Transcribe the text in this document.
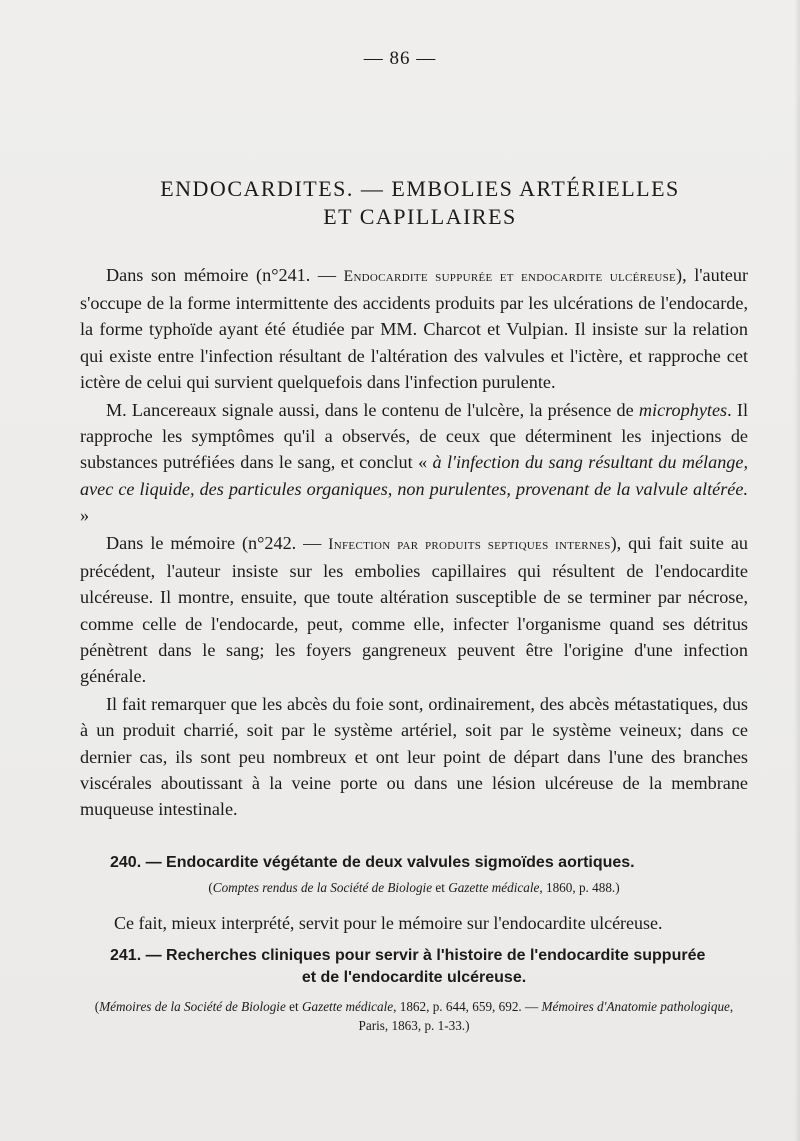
— 86 —
ENDOCARDITES. — EMBOLIES ARTÉRIELLES
ET CAPILLAIRES

Dans son mémoire (n°241. — Endocardite suppurée et endocardite ulcéreuse), l'auteur s'occupe de la forme intermittente des accidents produits par les ulcérations de l'endocarde, la forme typhoïde ayant été étudiée par MM. Charcot et Vulpian. Il insiste sur la relation qui existe entre l'infection résultant de l'altération des valvules et l'ictère, et rapproche cet ictère de celui qui survient quelquefois dans l'infection purulente.

M. Lancereaux signale aussi, dans le contenu de l'ulcère, la présence de microphytes. Il rapproche les symptômes qu'il a observés, de ceux que déterminent les injections de substances putréfiées dans le sang, et conclut « à l'infection du sang résultant du mélange, avec ce liquide, des particules organiques, non purulentes, provenant de la valvule altérée. »

Dans le mémoire (n°242. — Infection par produits septiques internes), qui fait suite au précédent, l'auteur insiste sur les embolies capillaires qui résultent de l'endocardite ulcéreuse. Il montre, ensuite, que toute altération susceptible de se terminer par nécrose, comme celle de l'endocarde, peut, comme elle, infecter l'organisme quand ses détritus pénètrent dans le sang; les foyers gangreneux peuvent être l'origine d'une infection générale.

Il fait remarquer que les abcès du foie sont, ordinairement, des abcès métastatiques, dus à un produit charrié, soit par le système artériel, soit par le système veineux; dans ce dernier cas, ils sont peu nombreux et ont leur point de départ dans l'une des branches viscérales aboutissant à la veine porte ou dans une lésion ulcéreuse de la membrane muqueuse intestinale.

240. — Endocardite végétante de deux valvules sigmoïdes aortiques.
(Comptes rendus de la Société de Biologie et Gazette médicale, 1860, p. 488.)
Ce fait, mieux interprété, servit pour le mémoire sur l'endocardite ulcéreuse.
241. — Recherches cliniques pour servir à l'histoire de l'endocardite suppurée
et de l'endocardite ulcéreuse.
(Mémoires de la Société de Biologie et Gazette médicale, 1862, p. 644, 659, 692. — Mémoires d'Anatomie pathologique, Paris, 1863, p. 1-33.)
